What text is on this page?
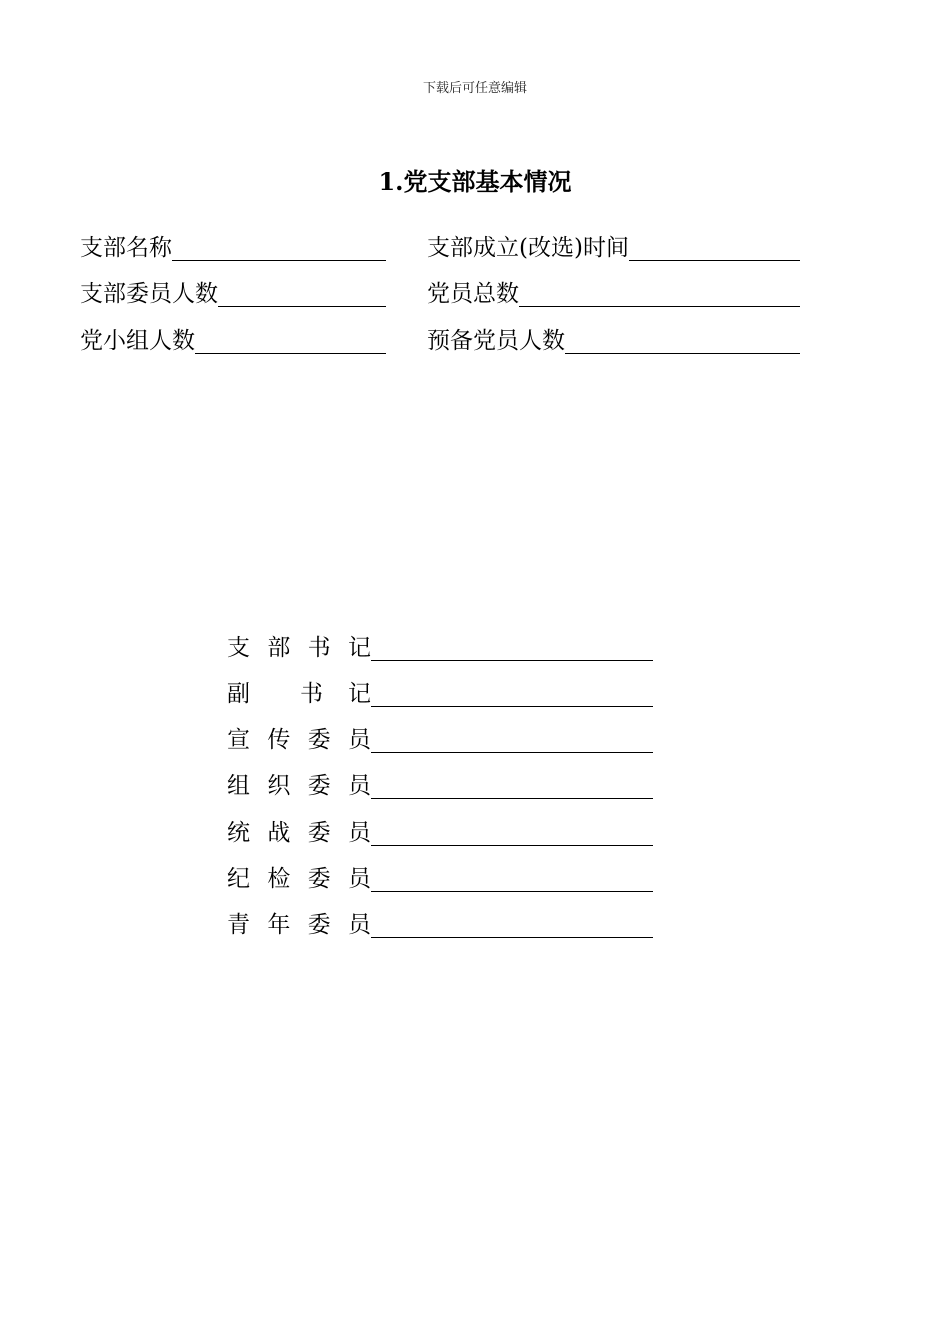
下载后可任意编辑
1.党支部基本情况
支部名称	支部成立(改选)时间
支部委员人数	党员总数
党小组人数	预备党员人数
支 部 书 记
副 书 记
宣 传 委 员
组 织 委 员
统 战 委 员
纪 检 委 员
青 年 委 员
